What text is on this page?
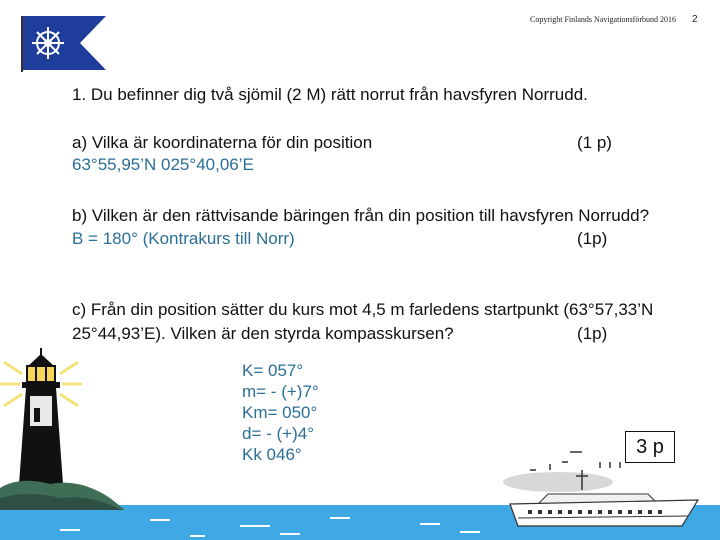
Copyright Finlands Navigationsförbund 2016 2
1. Du befinner dig två sjömil (2 M) rätt norrut från havsfyren Norrudd.
a) Vilka är koordinaterna för din position	(1 p)
63°55,95’N 025°40,06’E
b) Vilken är den rättvisande bäringen från din position till havsfyren Norrudd?
B = 180° (Kontrakurs till Norr)	(1p)
c) Från din position sätter du kurs mot 4,5 m farledens startpunkt (63°57,33’N
25°44,93’E). Vilken är den styrda kompasskursen?	(1p)
K= 057°
m= - (+)7°
Km= 050°
d= - (+)4°
Kk 046°	3 p
